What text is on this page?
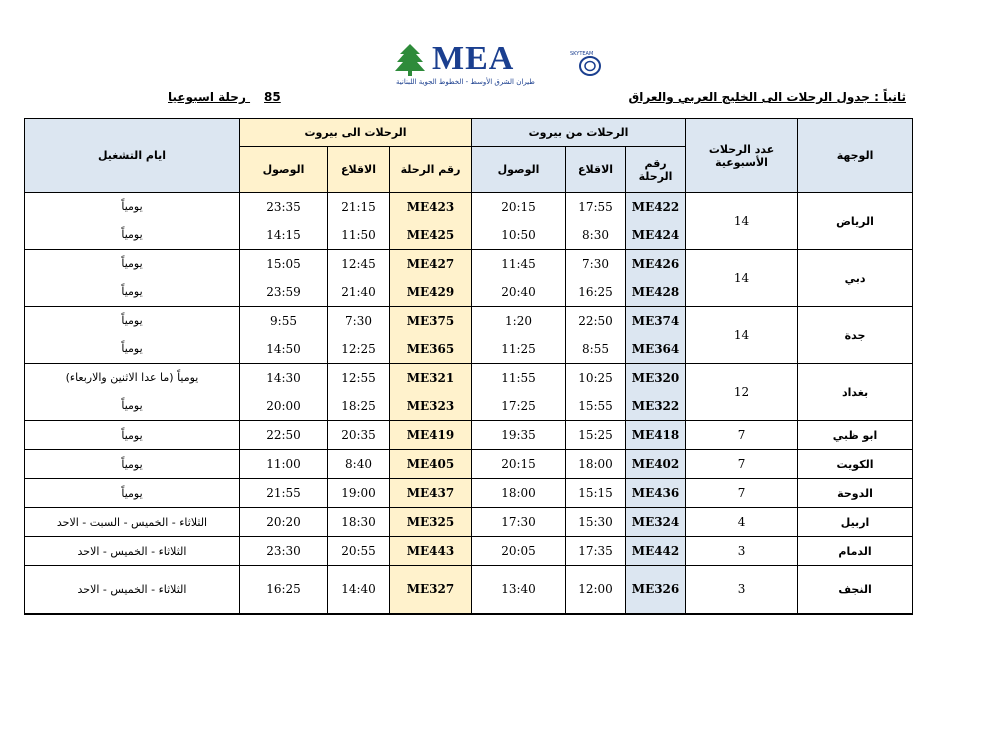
MEA
طيران الشرق الأوسط - الخطوط الجوية اللبنانية
SKYTEAM
ثانياً : جدول الرحلات الى الخليج العربي والعراق
85 رحلة اسبوعيا
الوجهة	عدد الرحلات الأسبوعية	الرحلات من بيروت			الرحلات الى بيروت			ايام التشغيل
		رقم الرحلة	الاقلاع	الوصول	رقم الرحلة	الاقلاع	الوصول	
الرياض	14	ME422	17:55	20:15	ME423	21:15	23:35	يومياً
		ME424	8:30	10:50	ME425	11:50	14:15	يومياً
دبي	14	ME426	7:30	11:45	ME427	12:45	15:05	يومياً
		ME428	16:25	20:40	ME429	21:40	23:59	يومياً
جدة	14	ME374	22:50	1:20	ME375	7:30	9:55	يومياً
		ME364	8:55	11:25	ME365	12:25	14:50	يومياً
بغداد	12	ME320	10:25	11:55	ME321	12:55	14:30	يومياً (ما عدا الاثنين والاربعاء)
		ME322	15:55	17:25	ME323	18:25	20:00	يومياً
ابو ظبي	7	ME418	15:25	19:35	ME419	20:35	22:50	يومياً
الكويت	7	ME402	18:00	20:15	ME405	8:40	11:00	يومياً
الدوحة	7	ME436	15:15	18:00	ME437	19:00	21:55	يومياً
اربيل	4	ME324	15:30	17:30	ME325	18:30	20:20	الثلاثاء - الخميس - السبت - الاحد
الدمام	3	ME442	17:35	20:05	ME443	20:55	23:30	الثلاثاء - الخميس - الاحد
النجف	3	ME326	12:00	13:40	ME327	14:40	16:25	الثلاثاء - الخميس - الاحد
